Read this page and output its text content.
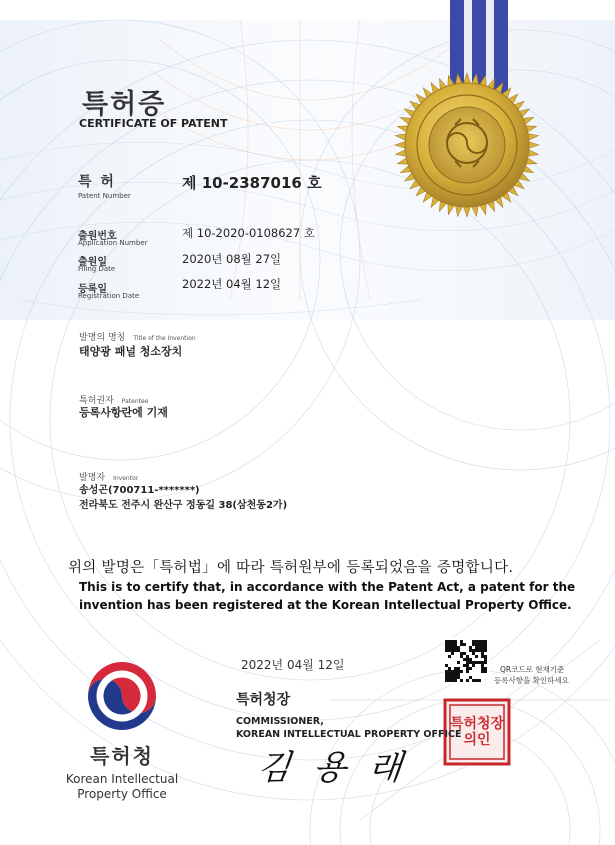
특허증
CERTIFICATE OF PATENT
특 허
Patent Number
제 10-2387016 호
출원번호
Application Number
제 10-2020-0108627 호
출원일
Filing Date
2020년 08월 27일
등록일
Registration Date
2022년 04월 12일
발명의 명칭 Title of the Invention
태양광 패널 청소장치
특허권자 Patentee
등록사항란에 기재
발명자 Inventor
송성곤(700711-*******)
전라북도 전주시 완산구 정동길 38(삼천동2가)
위의 발명은「특허법」에 따라 특허원부에 등록되었음을 증명합니다.
This is to certify that, in accordance with the Patent Act, a patent for the
invention has been registered at the Korean Intellectual Property Office.
2022년 04월 12일	QR코드로 현재기준
등록사항을 확인하세요
특허청장
COMMISSIONER,
KOREAN INTELLECTUAL PROPERTY OFFICE
김 용 래
특허청장의인
특허청
Korean Intellectual
Property Office
